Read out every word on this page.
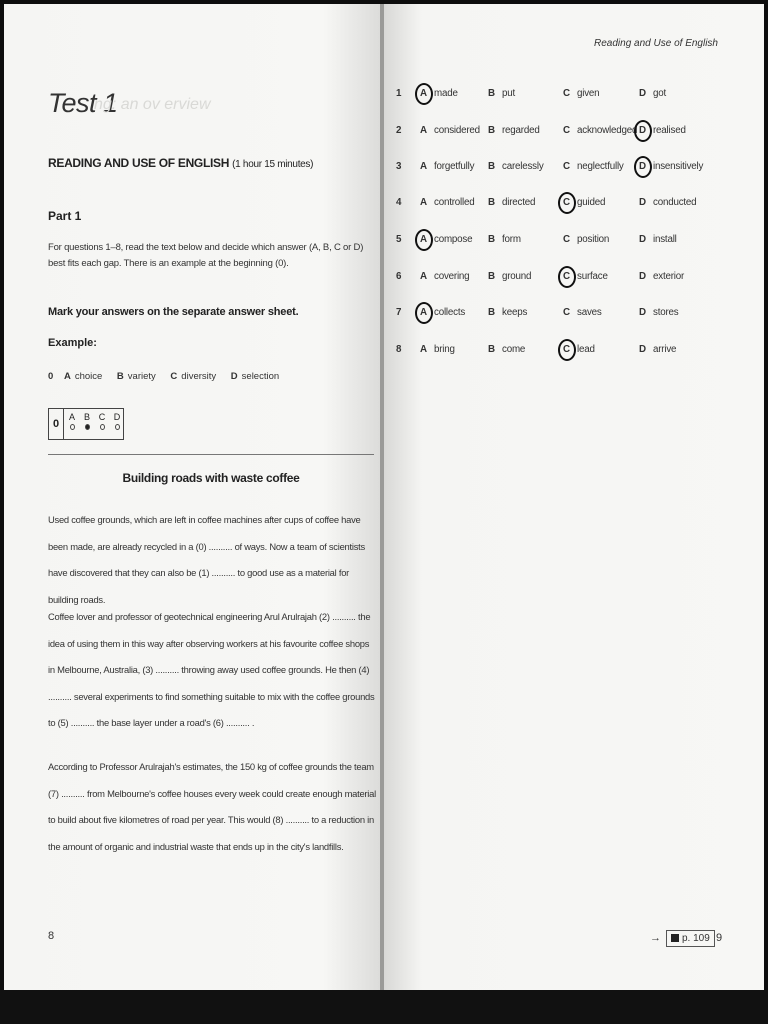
Test 1
ng: an ov erview
READING AND USE OF ENGLISH (1 hour 15 minutes)
Part 1
For questions 1–8, read the text below and decide which answer (A, B, C or D) best fits each gap. There is an example at the beginning (0).
Mark your answers on the separate answer sheet.
Example:
0 A choice B variety C diversity D selection
0
A B C D
Building roads with waste coffee
Used coffee grounds, which are left in coffee machines after cups of coffee have been made, are already recycled in a (0) .......... of ways. Now a team of scientists have discovered that they can also be (1) .......... to good use as a material for building roads.
Coffee lover and professor of geotechnical engineering Arul Arulrajah (2) .......... the idea of using them in this way after observing workers at his favourite coffee shops in Melbourne, Australia, (3) .......... throwing away used coffee grounds. He then (4) .......... several experiments to find something suitable to mix with the coffee grounds to (5) .......... the base layer under a road's (6) .......... .
According to Professor Arulrajah's estimates, the 150 kg of coffee grounds the team (7) .......... from Melbourne's coffee houses every week could create enough material to build about five kilometres of road per year. This would (8) .......... to a reduction in the amount of organic and industrial waste that ends up in the city's landfills.
8
Reading and Use of English
1 A made	B put	C given	D got
2 A considered B regarded C acknowledged D realised
3 A forgetfully B carelessly C neglectfully D insensitively
4 A controlled B directed	C guided	D conducted
5 A compose B form	C position	D install
6 A covering B ground	C surface	D exterior
7 A collects B keeps	C saves	D stores
8 A bring	B come	C lead	D arrive
→	p. 109 9
